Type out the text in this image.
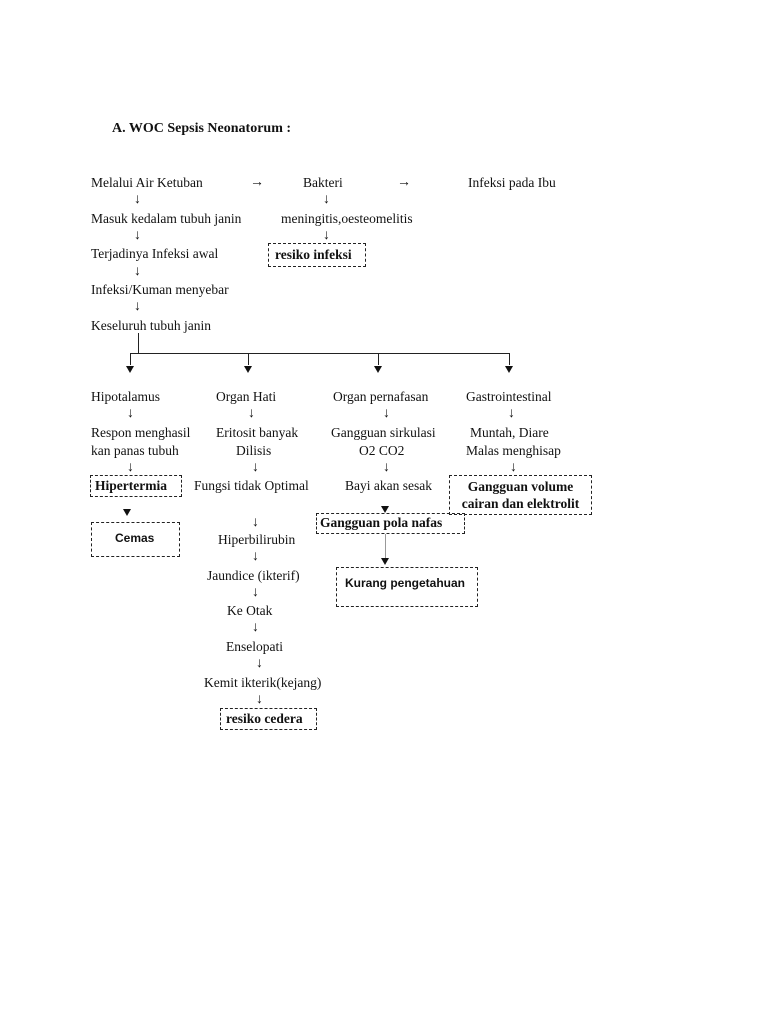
A. WOC Sepsis Neonatorum :
Melalui Air Ketuban	→	Bakteri	→	Infeksi pada Ibu
↓	↓
Masuk kedalam tubuh janin	meningitis,oesteomelitis
↓	↓
Terjadinya Infeksi awal	resiko infeksi
↓
Infeksi/Kuman menyebar
↓
Keseluruh tubuh janin
Hipotalamus	Organ Hati	Organ pernafasan	Gastrointestinal
↓	↓	↓	↓
Respon menghasil
kan panas tubuh
↓
Hipertermia
Cemas
Eritosit banyak
Dilisis
↓
Fungsi tidak Optimal
↓
Hiperbilirubin
↓
Jaundice (ikterif)
↓
Ke Otak
↓
Enselopati
↓
Kemit ikterik(kejang)
↓
resiko cedera
Gangguan sirkulasi
O2 CO2
↓
Bayi akan sesak
Gangguan pola nafas
Kurang pengetahuan
Muntah, Diare
Malas menghisap
↓
Gangguan volume
cairan dan elektrolit
